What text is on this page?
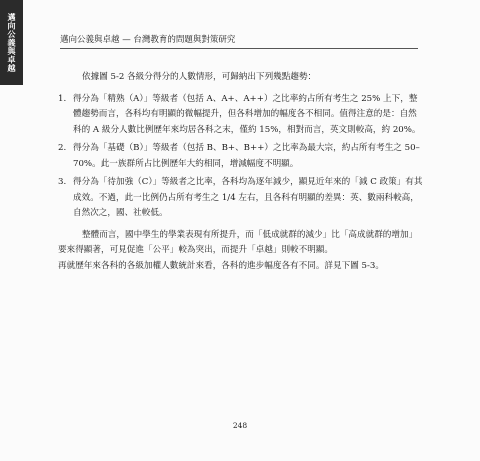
邁向公義與卓越	邁向公義與卓越 — 台灣教育的問題與對策研究

依據圖 5-2 各級分得分的人數情形，可歸納出下列幾點趨勢：

1. 得分為「精熟（A）」等級者（包括 A、A+、A++）之比率約占所有考生之 25% 上下，整體趨勢而言，各科均有明顯的微幅提升，但各科增加的幅度各不相同。值得注意的是：自然科的 A 級分人數比例歷年來均居各科之末，僅約 15%，相對而言，英文則較高，約 20%。
2. 得分為「基礎（B）」等級者（包括 B、B+、B++）之比率為最大宗，約占所有考生之 50–70%。此一族群所占比例歷年大約相同，增減幅度不明顯。
3. 得分為「待加強（C）」等級者之比率，各科均為逐年減少，顯見近年來的「減 C 政策」有其成效。不過，此一比例仍占所有考生之 1/4 左右，且各科有明顯的差異：英、數兩科較高，自然次之，國、社較低。

整體而言，國中學生的學業表現有所提升，而「低成就群的減少」比「高成就群的增加」要來得顯著，可見促進「公平」較為突出，而提升「卓越」則較不明顯。

再就歷年來各科的各級加權人數統計來看，各科的進步幅度各有不同。詳見下圖 5-3。

248
